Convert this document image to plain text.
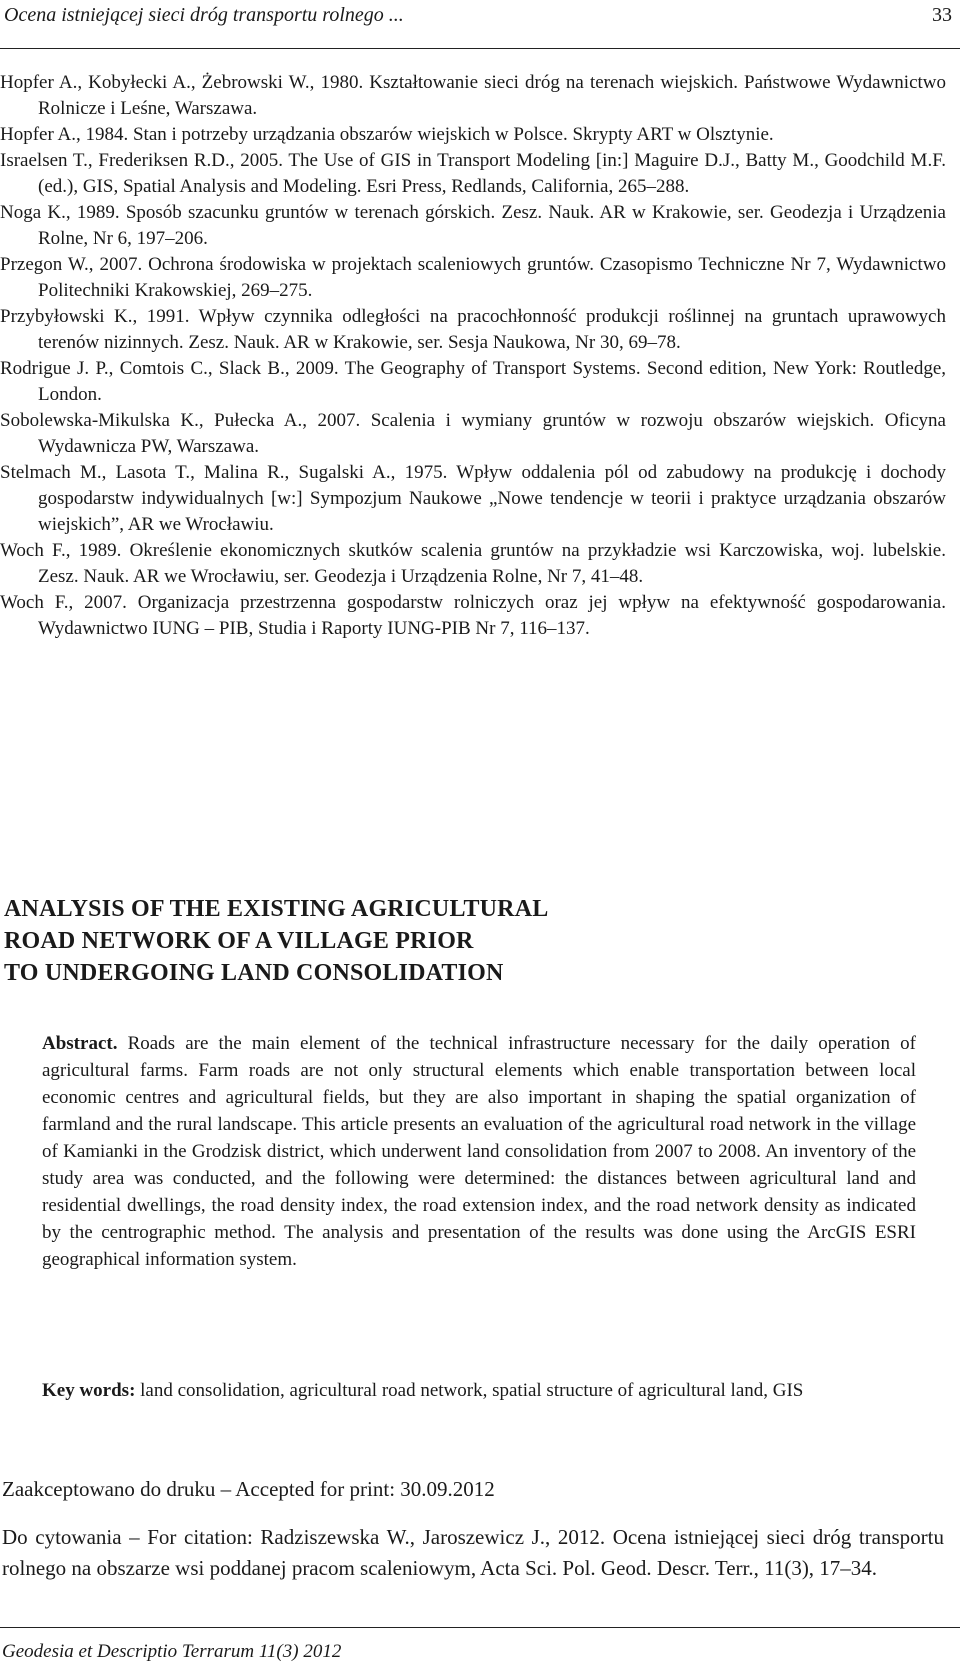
Ocena istniejącej sieci dróg transportu rolnego ...	33
Hopfer A., Kobyłecki A., Żebrowski W., 1980. Kształtowanie sieci dróg na terenach wiejskich. Państwowe Wydawnictwo Rolnicze i Leśne, Warszawa.
Hopfer A., 1984. Stan i potrzeby urządzania obszarów wiejskich w Polsce. Skrypty ART w Olsztynie.
Israelsen T., Frederiksen R.D., 2005. The Use of GIS in Transport Modeling [in:] Maguire D.J., Batty M., Goodchild M.F. (ed.), GIS, Spatial Analysis and Modeling. Esri Press, Redlands, California, 265–288.
Noga K., 1989. Sposób szacunku gruntów w terenach górskich. Zesz. Nauk. AR w Krakowie, ser. Geodezja i Urządzenia Rolne, Nr 6, 197–206.
Przegon W., 2007. Ochrona środowiska w projektach scaleniowych gruntów. Czasopismo Techniczne Nr 7, Wydawnictwo Politechniki Krakowskiej, 269–275.
Przybyłowski K., 1991. Wpływ czynnika odległości na pracochłonność produkcji roślinnej na gruntach uprawowych terenów nizinnych. Zesz. Nauk. AR w Krakowie, ser. Sesja Naukowa, Nr 30, 69–78.
Rodrigue J. P., Comtois C., Slack B., 2009. The Geography of Transport Systems. Second edition, New York: Routledge, London.
Sobolewska-Mikulska K., Pułecka A., 2007. Scalenia i wymiany gruntów w rozwoju obszarów wiejskich. Oficyna Wydawnicza PW, Warszawa.
Stelmach M., Lasota T., Malina R., Sugalski A., 1975. Wpływ oddalenia pól od zabudowy na produkcję i dochody gospodarstw indywidualnych [w:] Sympozjum Naukowe „Nowe tendencje w teorii i praktyce urządzania obszarów wiejskich”, AR we Wrocławiu.
Woch F., 1989. Określenie ekonomicznych skutków scalenia gruntów na przykładzie wsi Karczowiska, woj. lubelskie. Zesz. Nauk. AR we Wrocławiu, ser. Geodezja i Urządzenia Rolne, Nr 7, 41–48.
Woch F., 2007. Organizacja przestrzenna gospodarstw rolniczych oraz jej wpływ na efektywność gospodarowania. Wydawnictwo IUNG – PIB, Studia i Raporty IUNG-PIB Nr 7, 116–137.
ANALYSIS OF THE EXISTING AGRICULTURAL
ROAD NETWORK OF A VILLAGE PRIOR
TO UNDERGOING LAND CONSOLIDATION
Abstract. Roads are the main element of the technical infrastructure necessary for the daily operation of agricultural farms. Farm roads are not only structural elements which enable transportation between local economic centres and agricultural fields, but they are also important in shaping the spatial organization of farmland and the rural landscape. This article presents an evaluation of the agricultural road network in the village of Kamianki in the Grodzisk district, which underwent land consolidation from 2007 to 2008. An inventory of the study area was conducted, and the following were determined: the distances between agricultural land and residential dwellings, the road density index, the road extension index, and the road network density as indicated by the centrographic method. The analysis and presentation of the results was done using the ArcGIS ESRI geographical information system.
Key words: land consolidation, agricultural road network, spatial structure of agricultural land, GIS
Zaakceptowano do druku – Accepted for print: 30.09.2012
Do cytowania – For citation: Radziszewska W., Jaroszewicz J., 2012. Ocena istniejącej sieci dróg transportu rolnego na obszarze wsi poddanej pracom scaleniowym, Acta Sci. Pol. Geod. Descr. Terr., 11(3), 17–34.
Geodesia et Descriptio Terrarum 11(3) 2012
